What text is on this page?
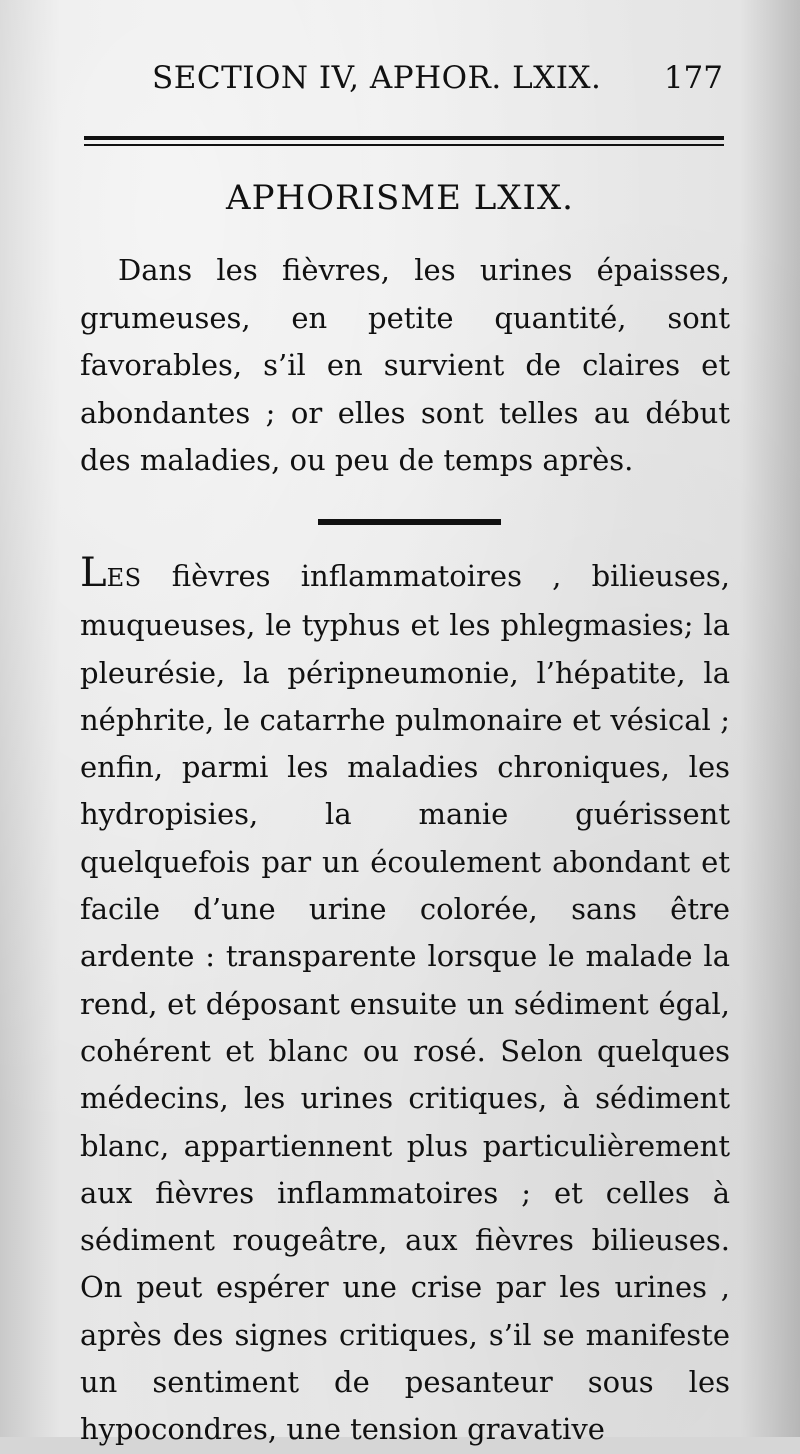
SECTION IV, APHOR. LXIX. 177
APHORISME LXIX.

Dans les fièvres, les urines épaisses, grumeuses, en petite quantité, sont favorables, s’il en survient de claires et abondantes ; or elles sont telles au début des maladies, ou peu de temps après.

LES fièvres inflammatoires , bilieuses, muqueuses, le typhus et les phlegmasies; la pleurésie, la péripneumonie, l’hépatite, la néphrite, le catarrhe pulmonaire et vésical ; enfin, parmi les maladies chroniques, les hydropisies, la manie guérissent quelquefois par un écoulement abondant et facile d’une urine colorée, sans être ardente : transparente lorsque le malade la rend, et déposant ensuite un sédiment égal, cohérent et blanc ou rosé. Selon quelques médecins, les urines critiques, à sédiment blanc, appartiennent plus particulièrement aux fièvres inflammatoires ; et celles à sédiment rougeâtre, aux fièvres bilieuses. On peut espérer une crise par les urines , après des signes critiques, s’il se manifeste un sentiment de pesanteur sous les hypocondres, une tension gravative
